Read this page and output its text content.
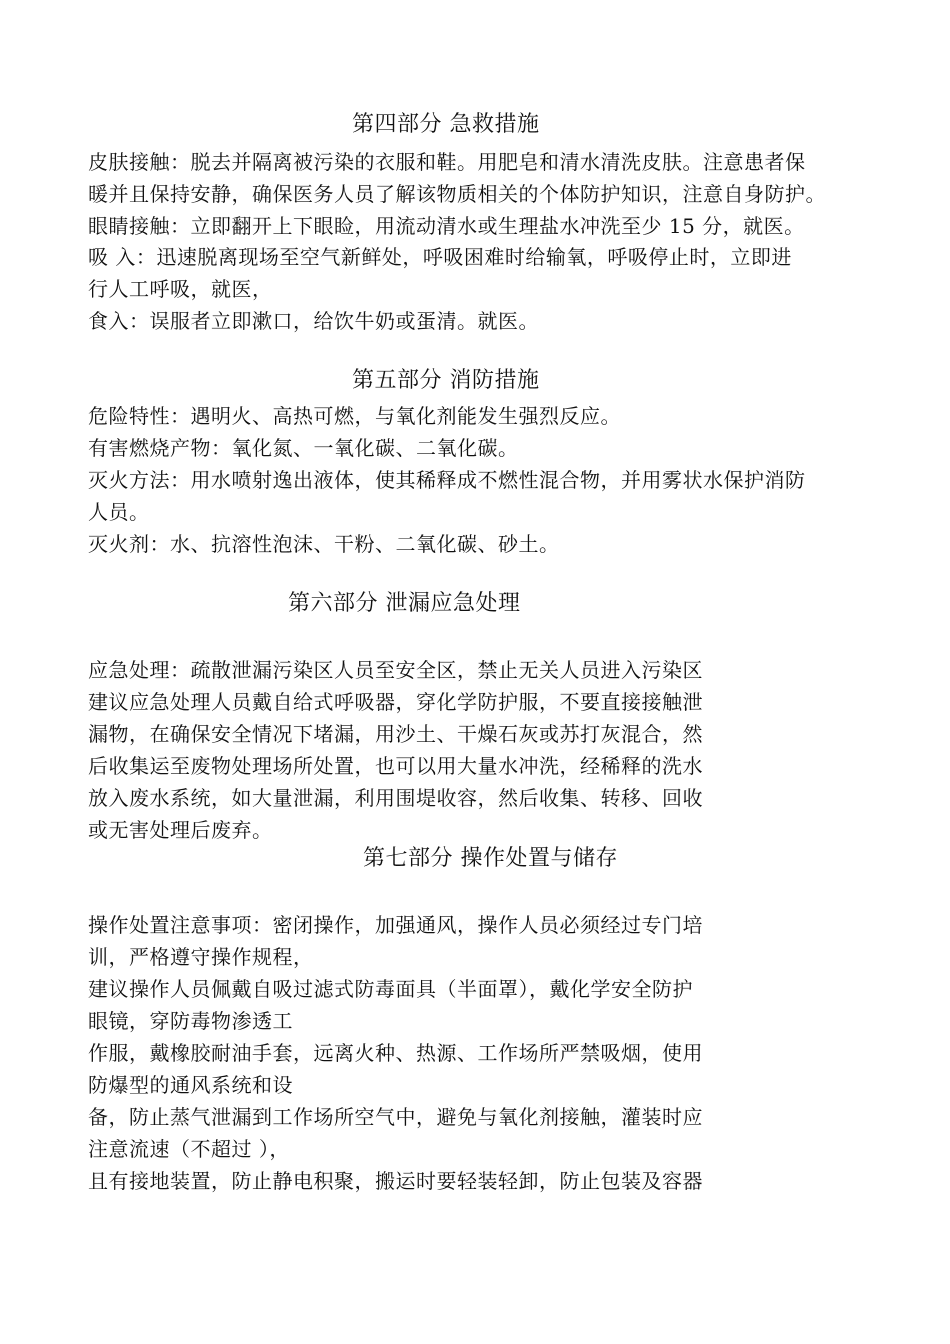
第四部分 急救措施
皮肤接触：脱去并隔离被污染的衣服和鞋。用肥皂和清水清洗皮肤。注意患者保
暖并且保持安静，确保医务人员了解该物质相关的个体防护知识，注意自身防护。
眼睛接触：立即翻开上下眼睑，用流动清水或生理盐水冲洗至少 15 分，就医。
吸 入：迅速脱离现场至空气新鲜处，呼吸困难时给输氧，呼吸停止时，立即进
行人工呼吸，就医，
食入：误服者立即漱口，给饮牛奶或蛋清。就医。
第五部分 消防措施
危险特性：遇明火、高热可燃，与氧化剂能发生强烈反应。
有害燃烧产物：氧化氮、一氧化碳、二氧化碳。
灭火方法：用水喷射逸出液体，使其稀释成不燃性混合物，并用雾状水保护消防
人员。
灭火剂：水、抗溶性泡沫、干粉、二氧化碳、砂土。
第六部分 泄漏应急处理
应急处理：疏散泄漏污染区人员至安全区，禁止无关人员进入污染区
建议应急处理人员戴自给式呼吸器，穿化学防护服，不要直接接触泄
漏物，在确保安全情况下堵漏，用沙土、干燥石灰或苏打灰混合，然
后收集运至废物处理场所处置，也可以用大量水冲洗，经稀释的洗水
放入废水系统，如大量泄漏，利用围堤收容，然后收集、转移、回收
或无害处理后废弃。
第七部分 操作处置与储存
操作处置注意事项：密闭操作，加强通风，操作人员必须经过专门培
训，严格遵守操作规程，
建议操作人员佩戴自吸过滤式防毒面具（半面罩），戴化学安全防护
眼镜，穿防毒物渗透工
作服，戴橡胶耐油手套，远离火种、热源、工作场所严禁吸烟，使用
防爆型的通风系统和设
备，防止蒸气泄漏到工作场所空气中，避免与氧化剂接触，灌装时应
注意流速（不超过 ），
且有接地装置，防止静电积聚，搬运时要轻装轻卸，防止包装及容器
